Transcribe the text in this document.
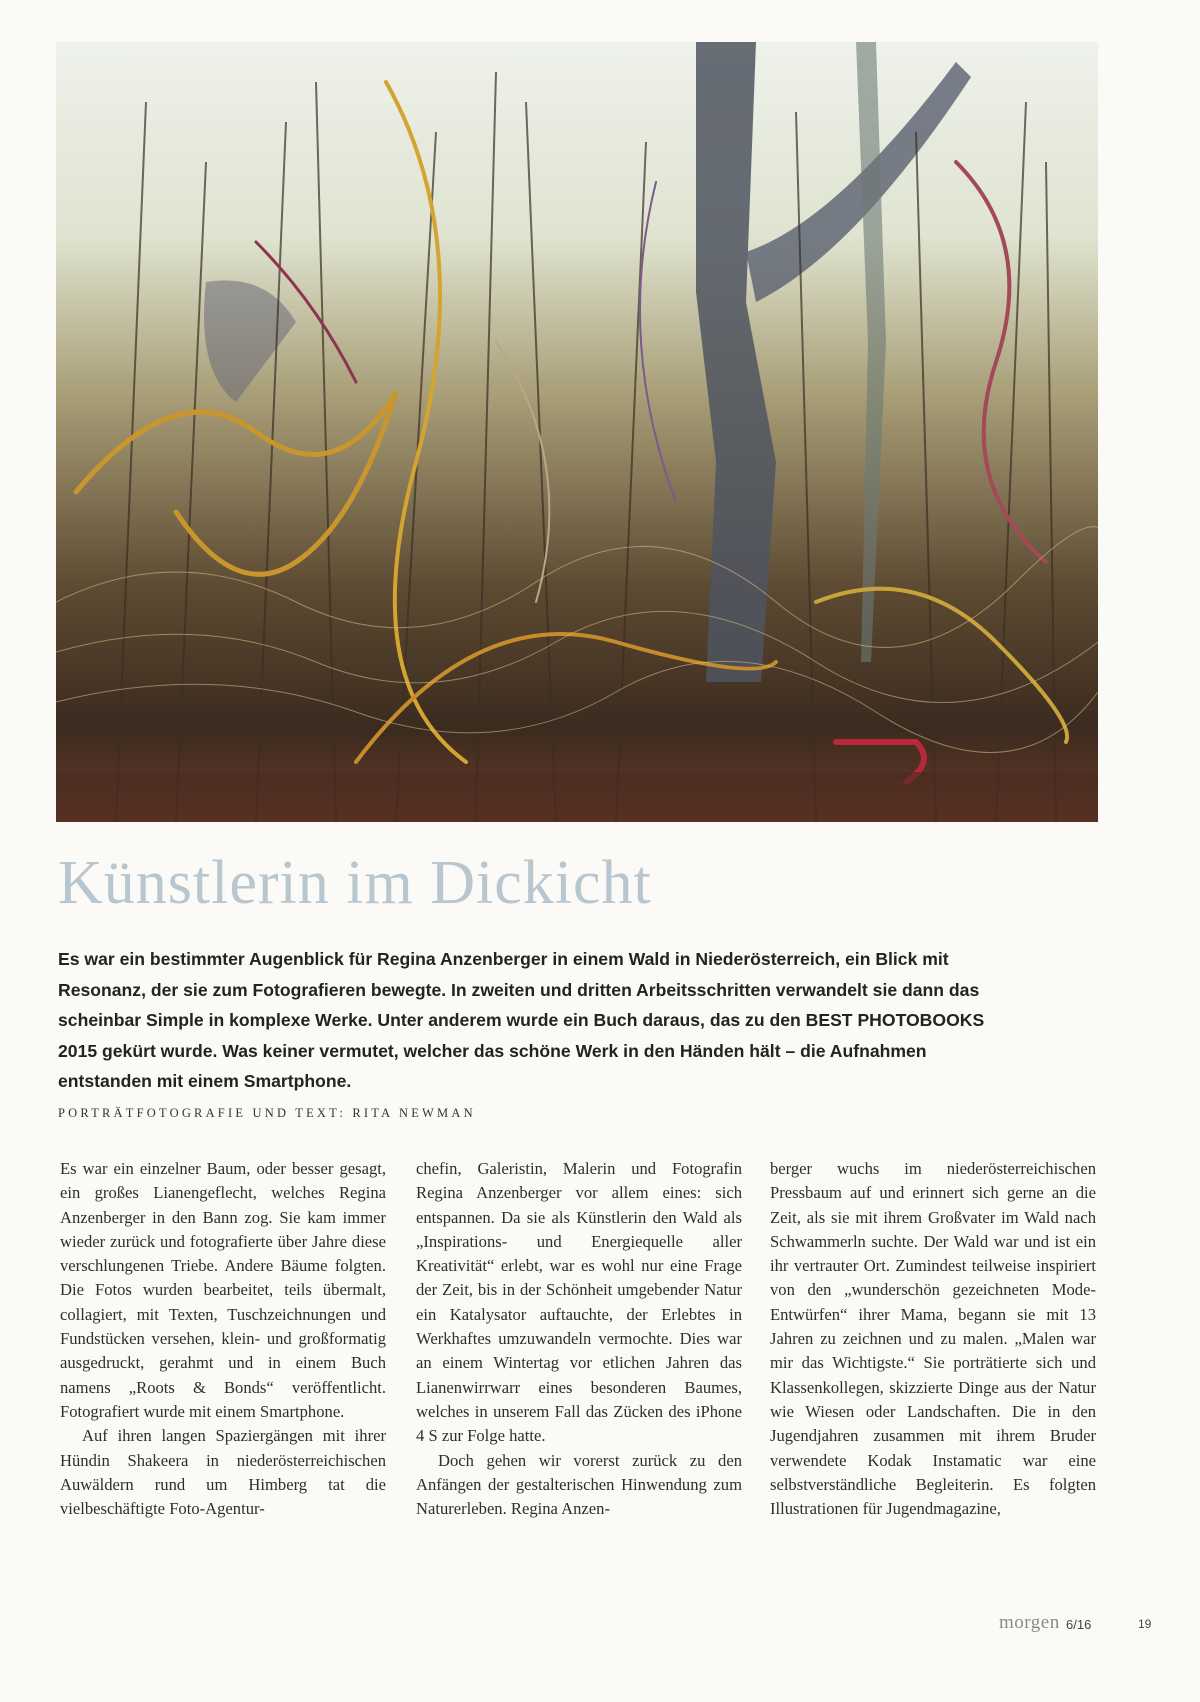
Künstlerin im Dickicht

Es war ein bestimmter Augenblick für Regina Anzenberger in einem Wald in Niederösterreich, ein Blick mit Resonanz, der sie zum Fotografieren bewegte. In zweiten und dritten Arbeitsschritten verwandelt sie dann das scheinbar Simple in komplexe Werke. Unter anderem wurde ein Buch daraus, das zu den BEST PHOTOBOOKS 2015 gekürt wurde. Was keiner vermutet, welcher das schöne Werk in den Händen hält – die Aufnahmen entstanden mit einem Smartphone.

PORTRÄTFOTOGRAFIE UND TEXT: RITA NEWMAN

Es war ein einzelner Baum, oder besser gesagt, ein großes Lianengeflecht, welches Regina Anzenberger in den Bann zog. Sie kam immer wieder zurück und fotografierte über Jahre diese verschlungenen Triebe. Andere Bäume folgten. Die Fotos wurden bearbeitet, teils übermalt, collagiert, mit Texten, Tuschzeichnungen und Fundstücken versehen, klein- und großformatig ausgedruckt, gerahmt und in einem Buch namens „Roots & Bonds“ veröffentlicht. Fotografiert wurde mit einem Smartphone.

Auf ihren langen Spaziergängen mit ihrer Hündin Shakeera in niederösterreichischen Auwäldern rund um Himberg tat die vielbeschäftigte Foto-Agentur-

chefin, Galeristin, Malerin und Fotografin Regina Anzenberger vor allem eines: sich entspannen. Da sie als Künstlerin den Wald als „Inspirations- und Energiequelle aller Kreativität“ erlebt, war es wohl nur eine Frage der Zeit, bis in der Schönheit umgebender Natur ein Katalysator auftauchte, der Erlebtes in Werkhaftes umzuwandeln vermochte. Dies war an einem Wintertag vor etlichen Jahren das Lianenwirrwarr eines besonderen Baumes, welches in unserem Fall das Zücken des iPhone 4 S zur Folge hatte.

Doch gehen wir vorerst zurück zu den Anfängen der gestalterischen Hinwendung zum Naturerleben. Regina Anzen-

berger wuchs im niederösterreichischen Pressbaum auf und erinnert sich gerne an die Zeit, als sie mit ihrem Großvater im Wald nach Schwammerln suchte. Der Wald war und ist ein ihr vertrauter Ort. Zumindest teilweise inspiriert von den „wunderschön gezeichneten Mode-Entwürfen“ ihrer Mama, begann sie mit 13 Jahren zu zeichnen und zu malen. „Malen war mir das Wichtigste.“ Sie porträtierte sich und Klassenkollegen, skizzierte Dinge aus der Natur wie Wiesen oder Landschaften. Die in den Jugendjahren zusammen mit ihrem Bruder verwendete Kodak Instamatic war eine selbstverständliche Begleiterin. Es folgten Illustrationen für Jugendmagazine,

morgen 6/16	19
